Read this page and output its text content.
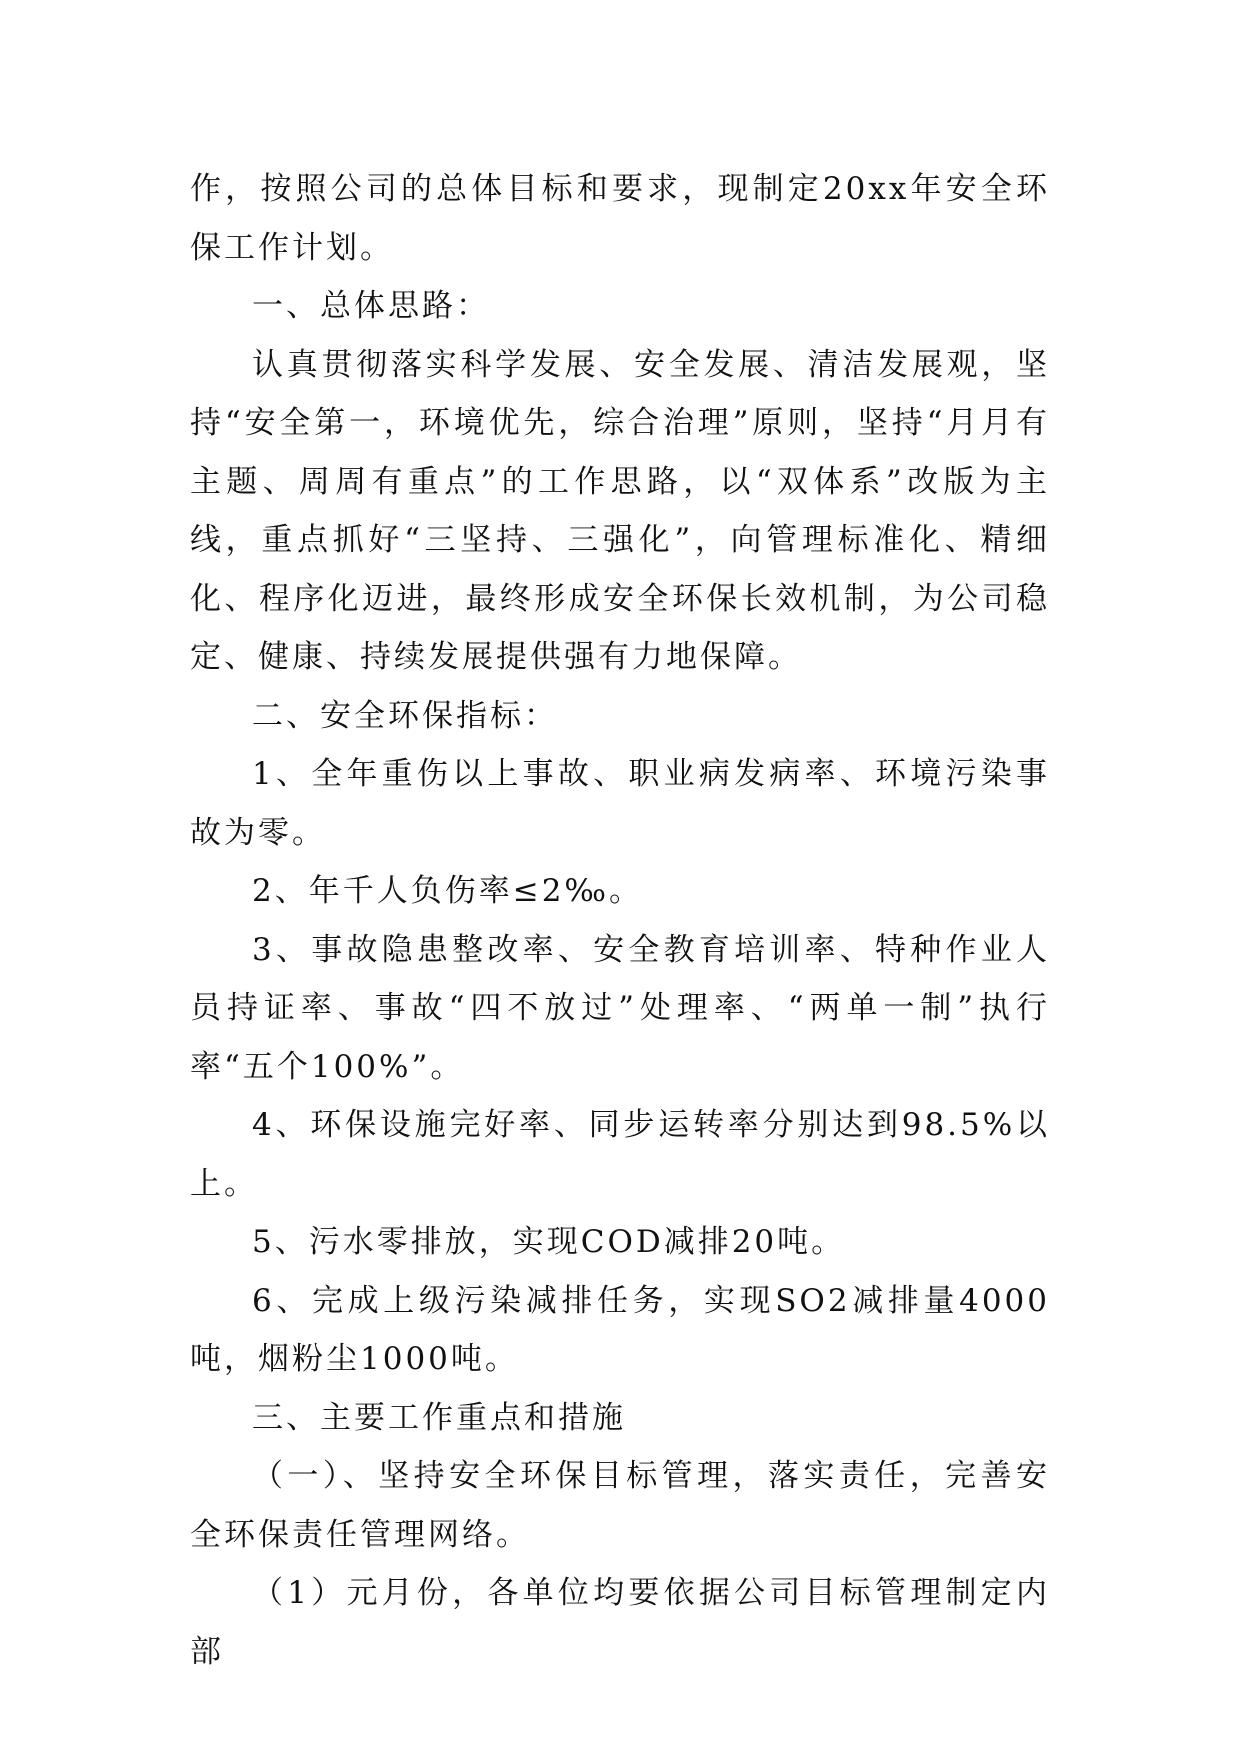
作，按照公司的总体目标和要求，现制定20xx年安全环保工作计划。

一、总体思路：

认真贯彻落实科学发展、安全发展、清洁发展观，坚持“安全第一，环境优先，综合治理”原则，坚持“月月有主题、周周有重点”的工作思路，以“双体系”改版为主线，重点抓好“三坚持、三强化”，向管理标准化、精细化、程序化迈进，最终形成安全环保长效机制，为公司稳定、健康、持续发展提供强有力地保障。

二、安全环保指标：

1、全年重伤以上事故、职业病发病率、环境污染事故为零。

2、年千人负伤率≤2‰。

3、事故隐患整改率、安全教育培训率、特种作业人员持证率、事故“四不放过”处理率、“两单一制”执行率“五个100%”。

4、环保设施完好率、同步运转率分别达到98.5%以上。

5、污水零排放，实现COD减排20吨。

6、完成上级污染减排任务，实现SO2减排量4000吨，烟粉尘1000吨。

三、主要工作重点和措施

（一）、坚持安全环保目标管理，落实责任，完善安全环保责任管理网络。

（1）元月份，各单位均要依据公司目标管理制定内部
